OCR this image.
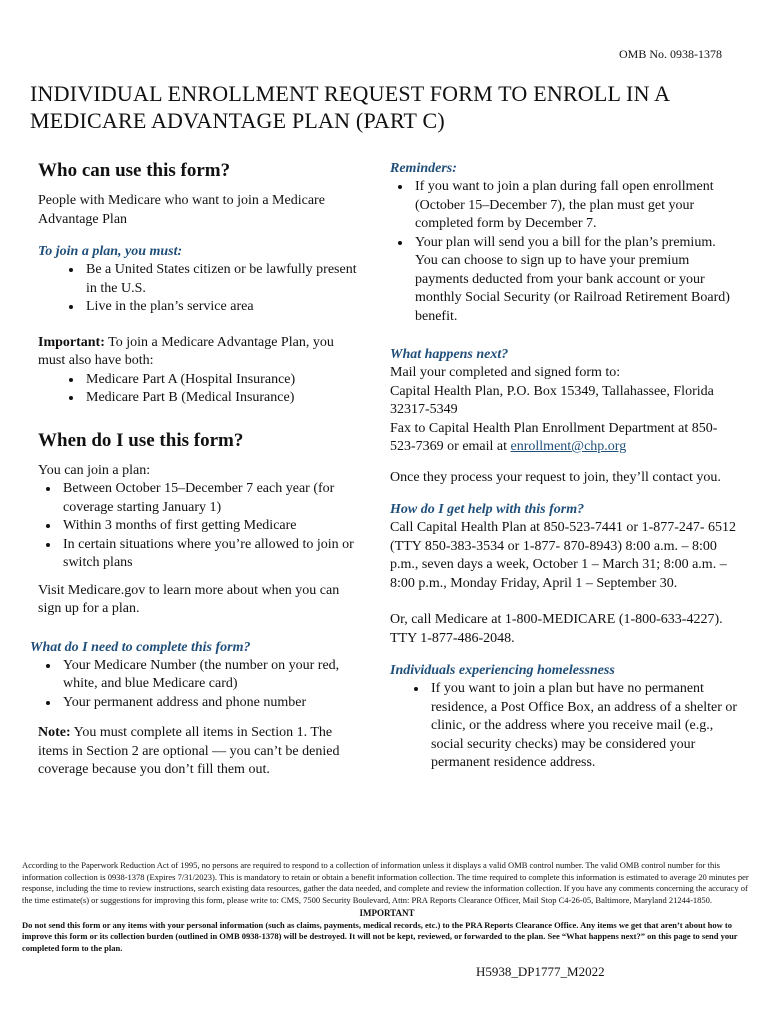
OMB No. 0938-1378
INDIVIDUAL ENROLLMENT REQUEST FORM TO ENROLL IN A MEDICARE ADVANTAGE PLAN (PART C)
Who can use this form?

People with Medicare who want to join a Medicare Advantage Plan

To join a plan, you must:
• Be a United States citizen or be lawfully present in the U.S.
• Live in the plan’s service area

Important: To join a Medicare Advantage Plan, you must also have both:

• Medicare Part A (Hospital Insurance)
• Medicare Part B (Medical Insurance)
When do I use this form?

You can join a plan:

• Between October 15–December 7 each year (for coverage starting January 1)
• Within 3 months of first getting Medicare
• In certain situations where you’re allowed to join or switch plans

Visit Medicare.gov to learn more about when you can sign up for a plan.

What do I need to complete this form?
• Your Medicare Number (the number on your red, white, and blue Medicare card)
• Your permanent address and phone number

Note: You must complete all items in Section 1. The items in Section 2 are optional — you can’t be denied coverage because you don’t fill them out.

Reminders:
• If you want to join a plan during fall open enrollment (October 15–December 7), the plan must get your completed form by December 7.
• Your plan will send you a bill for the plan’s premium. You can choose to sign up to have your premium payments deducted from your bank account or your monthly Social Security (or Railroad Retirement Board) benefit.
What happens next?

Mail your completed and signed form to:

Capital Health Plan, P.O. Box 15349, Tallahassee, Florida 32317-5349

Fax to Capital Health Plan Enrollment Department at 850-523-7369 or email at enrollment@chp.org

Once they process your request to join, they’ll contact you.

How do I get help with this form?

Call Capital Health Plan at 850-523-7441 or 1-877-247- 6512 (TTY 850-383-3534 or 1-877- 870-8943) 8:00 a.m. – 8:00 p.m., seven days a week, October 1 – March 31; 8:00 a.m. – 8:00 p.m., Monday Friday, April 1 – September 30.

Or, call Medicare at 1-800-MEDICARE (1-800-633-4227). TTY 1-877-486-2048.

Individuals experiencing homelessness
• If you want to join a plan but have no permanent residence, a Post Office Box, an address of a shelter or clinic, or the address where you receive mail (e.g., social security checks) may be considered your permanent residence address.
According to the Paperwork Reduction Act of 1995, no persons are required to respond to a collection of information unless it displays a valid OMB control number. The valid OMB control number for this information collection is 0938-1378 (Expires 7/31/2023). This is mandatory to retain or obtain a benefit information collection. The time required to complete this information is estimated to average 20 minutes per response, including the time to review instructions, search existing data resources, gather the data needed, and complete and review the information collection. If you have any comments concerning the accuracy of the time estimate(s) or suggestions for improving this form, please write to: CMS, 7500 Security Boulevard, Attn: PRA Reports Clearance Officer, Mail Stop C4-26-05, Baltimore, Maryland 21244-1850.
IMPORTANT
Do not send this form or any items with your personal information (such as claims, payments, medical records, etc.) to the PRA Reports Clearance Office. Any items we get that aren’t about how to improve this form or its collection burden (outlined in OMB 0938-1378) will be destroyed. It will not be kept, reviewed, or forwarded to the plan. See “What happens next?” on this page to send your completed form to the plan.
H5938_DP1777_M2022
